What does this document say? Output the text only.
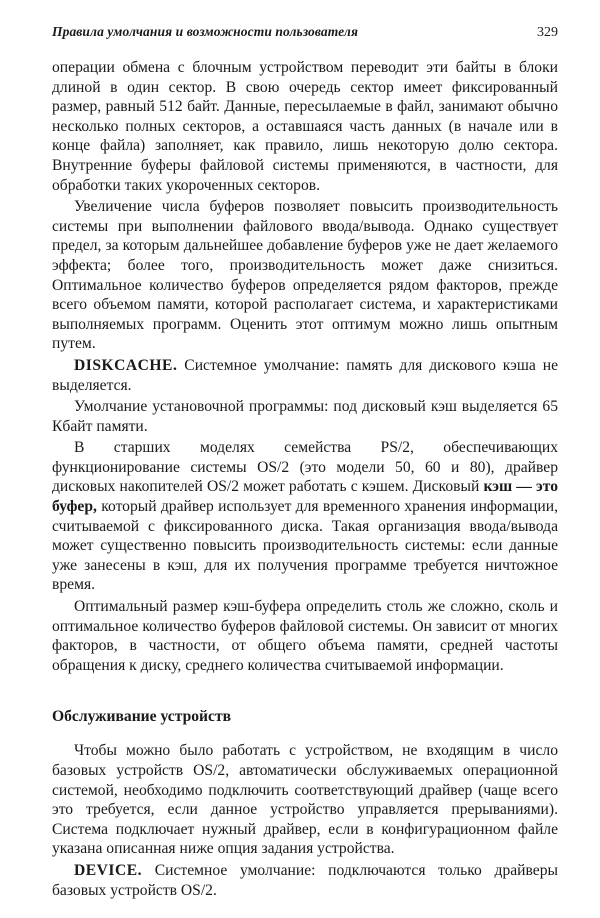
Правила умолчания и возможности пользователя	329

операции обмена с блочным устройством переводит эти байты в блоки длиной в один сектор. В свою очередь сектор имеет фиксированный размер, равный 512 байт. Данные, пересылаемые в файл, занимают обычно несколько полных секторов, а оставшаяся часть данных (в начале или в конце файла) заполняет, как правило, лишь некоторую долю сектора. Внутренние буферы файловой системы применяются, в частности, для обработки таких укороченных секторов.

Увеличение числа буферов позволяет повысить производительность системы при выполнении файлового ввода/вывода. Однако существует предел, за которым дальнейшее добавление буферов уже не дает желаемого эффекта; более того, производительность может даже снизиться. Оптимальное количество буферов определяется рядом факторов, прежде всего объемом памяти, которой располагает система, и характеристиками выполняемых программ. Оценить этот оптимум можно лишь опытным путем.

DISKCACHE. Системное умолчание: память для дискового кэша не выделяется.

Умолчание установочной программы: под дисковый кэш выделяется 65 Кбайт памяти.

В старших моделях семейства PS/2, обеспечивающих функционирование системы OS/2 (это модели 50, 60 и 80), драйвер дисковых накопителей OS/2 может работать с кэшем. Дисковый кэш — это буфер, который драйвер использует для временного хранения информации, считываемой с фиксированного диска. Такая организация ввода/вывода может существенно повысить производительность системы: если данные уже занесены в кэш, для их получения программе требуется ничтожное время.

Оптимальный размер кэш-буфера определить столь же сложно, сколь и оптимальное количество буферов файловой системы. Он зависит от многих факторов, в частности, от общего объема памяти, средней частоты обращения к диску, среднего количества считываемой информации.

Обслуживание устройств

Чтобы можно было работать с устройством, не входящим в число базовых устройств OS/2, автоматически обслуживаемых операционной системой, необходимо подключить соответствующий драйвер (чаще всего это требуется, если данное устройство управляется прерываниями). Система подключает нужный драйвер, если в конфигурационном файле указана описанная ниже опция задания устройства.

DEVICE. Системное умолчание: подключаются только драйверы базовых устройств OS/2.
